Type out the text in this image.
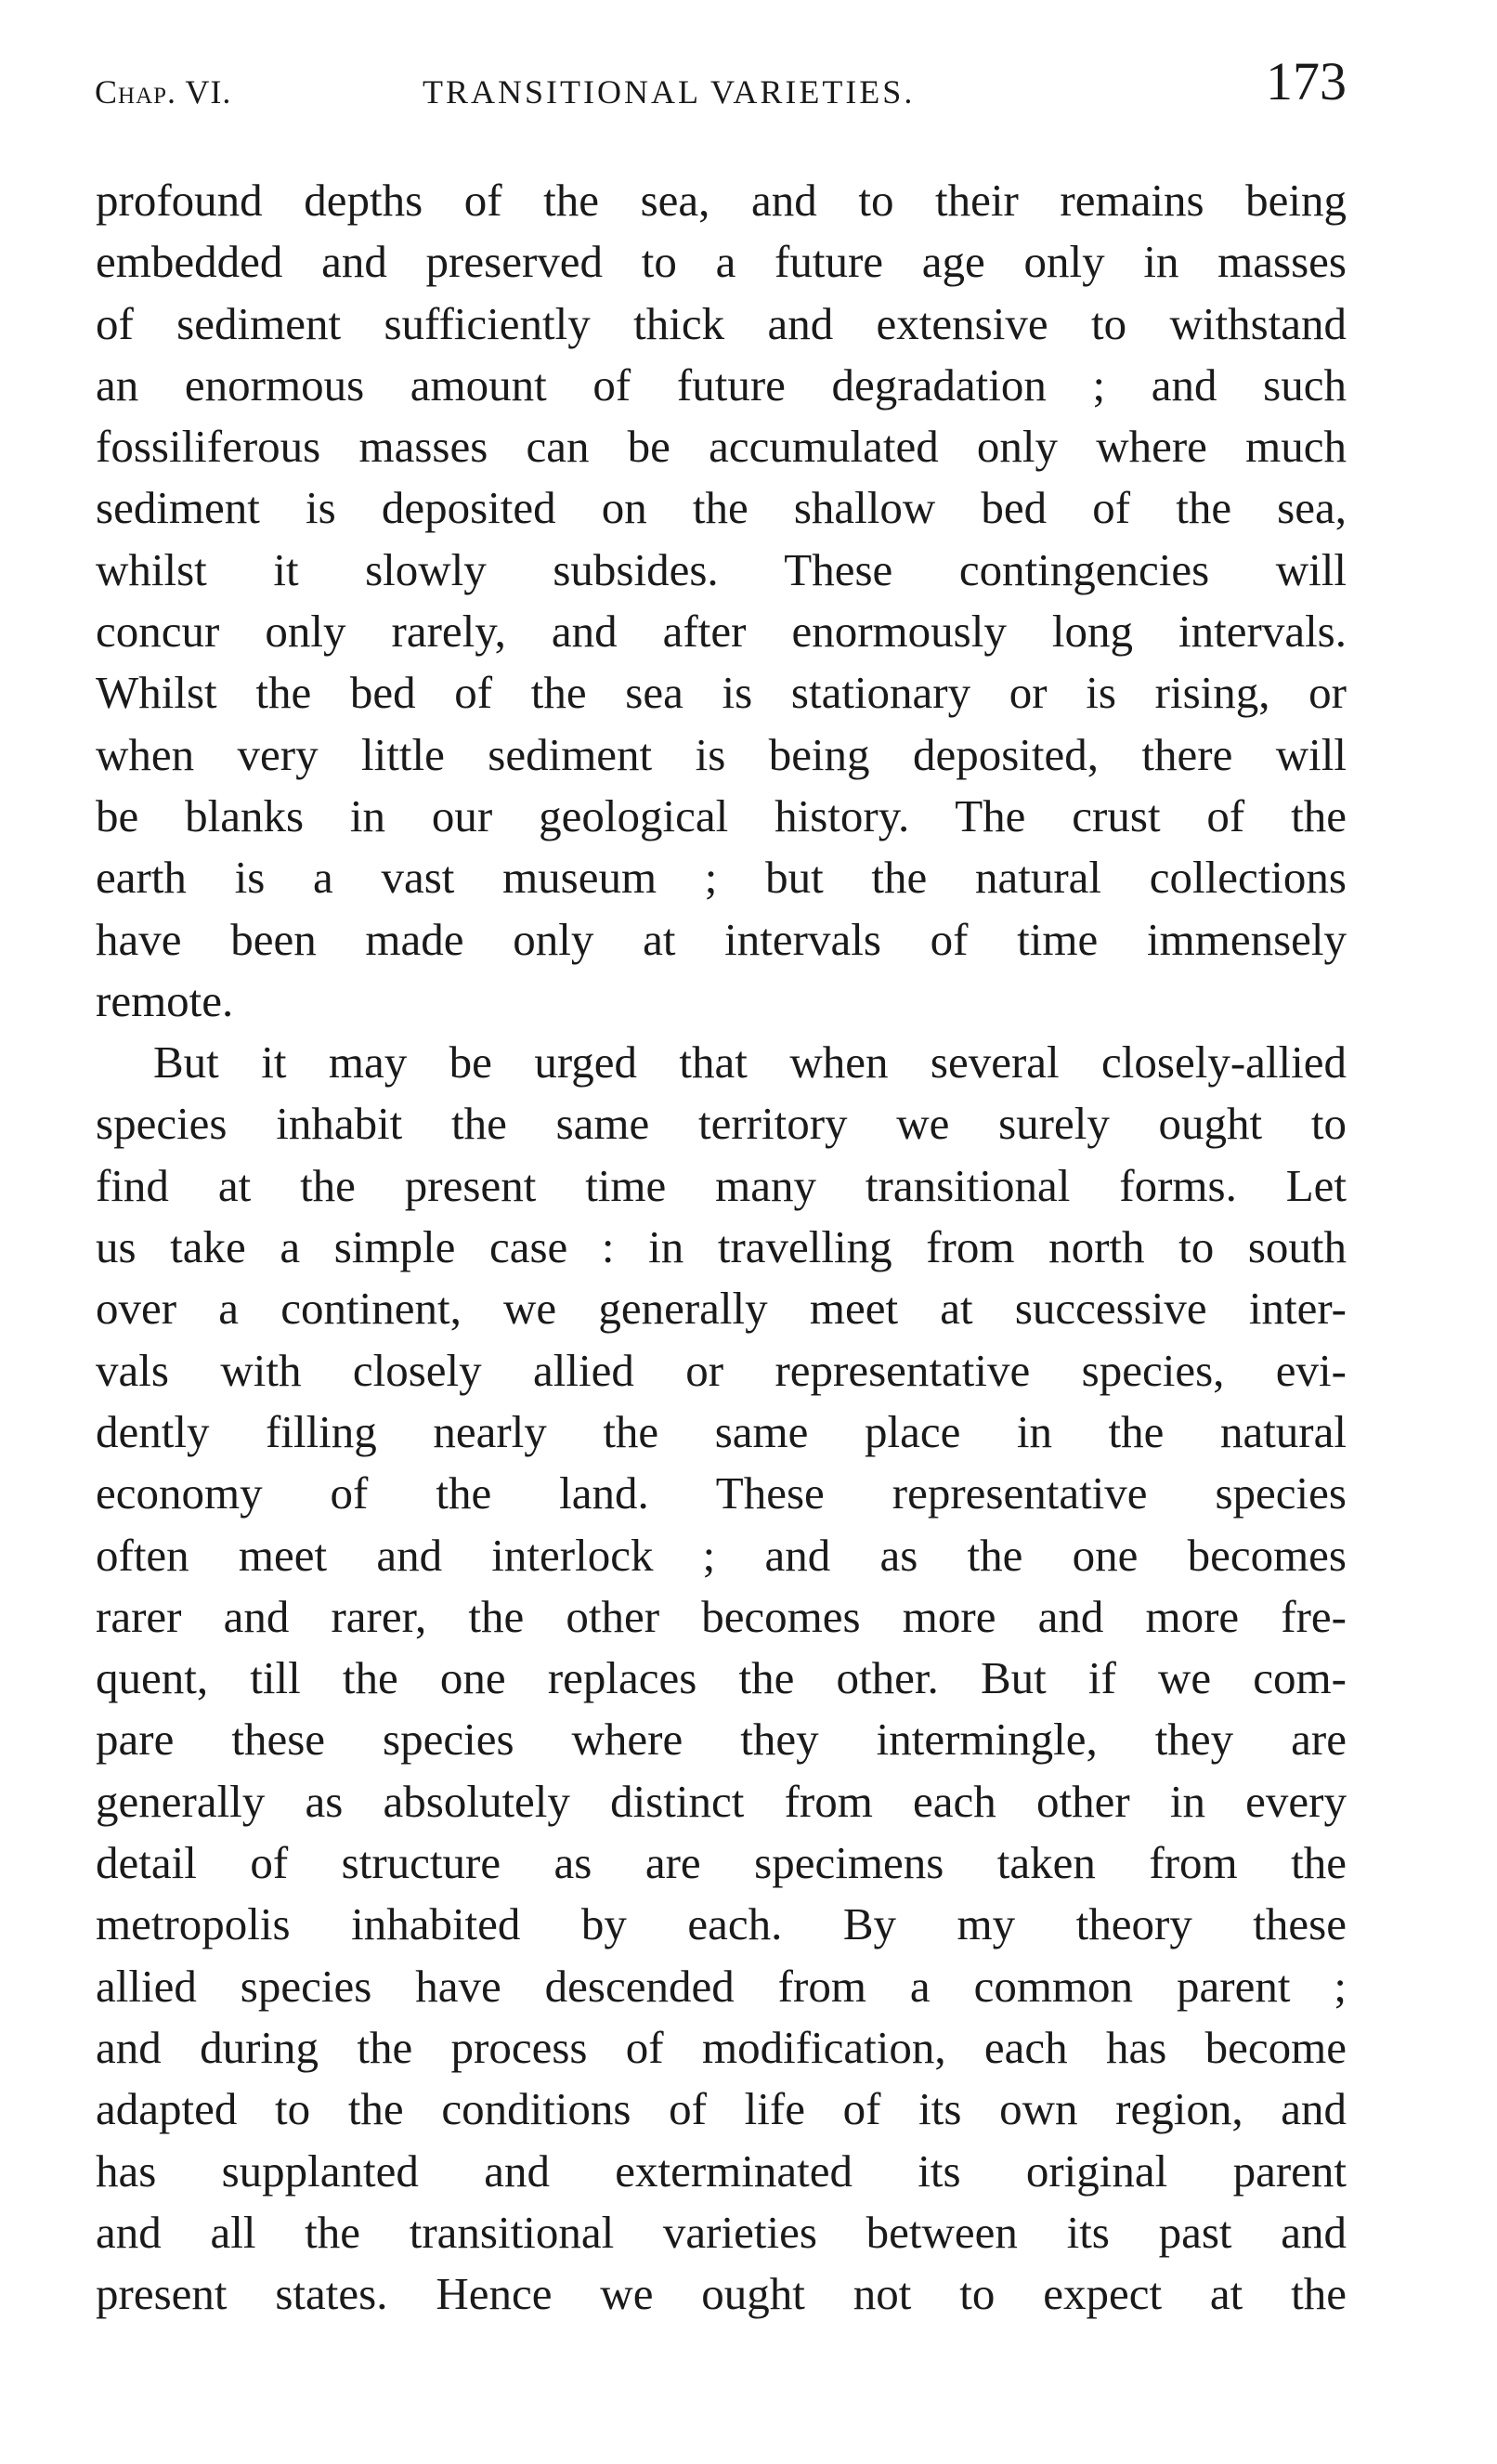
Chap. VI.	TRANSITIONAL VARIETIES.	173
profound depths of the sea, and to their remains being
embedded and preserved to a future age only in masses
of sediment sufficiently thick and extensive to withstand
an enormous amount of future degradation ; and such
fossiliferous masses can be accumulated only where much
sediment is deposited on the shallow bed of the sea,
whilst it slowly subsides. These contingencies will
concur only rarely, and after enormously long intervals.
Whilst the bed of the sea is stationary or is rising, or
when very little sediment is being deposited, there will
be blanks in our geological history. The crust of the
earth is a vast museum ; but the natural collections
have been made only at intervals of time immensely
remote.
But it may be urged that when several closely-allied
species inhabit the same territory we surely ought to
find at the present time many transitional forms. Let
us take a simple case : in travelling from north to south
over a continent, we generally meet at successive inter-
vals with closely allied or representative species, evi-
dently filling nearly the same place in the natural
economy of the land. These representative species
often meet and interlock ; and as the one becomes
rarer and rarer, the other becomes more and more fre-
quent, till the one replaces the other. But if we com-
pare these species where they intermingle, they are
generally as absolutely distinct from each other in every
detail of structure as are specimens taken from the
metropolis inhabited by each. By my theory these
allied species have descended from a common parent ;
and during the process of modification, each has become
adapted to the conditions of life of its own region, and
has supplanted and exterminated its original parent
and all the transitional varieties between its past and
present states. Hence we ought not to expect at the
